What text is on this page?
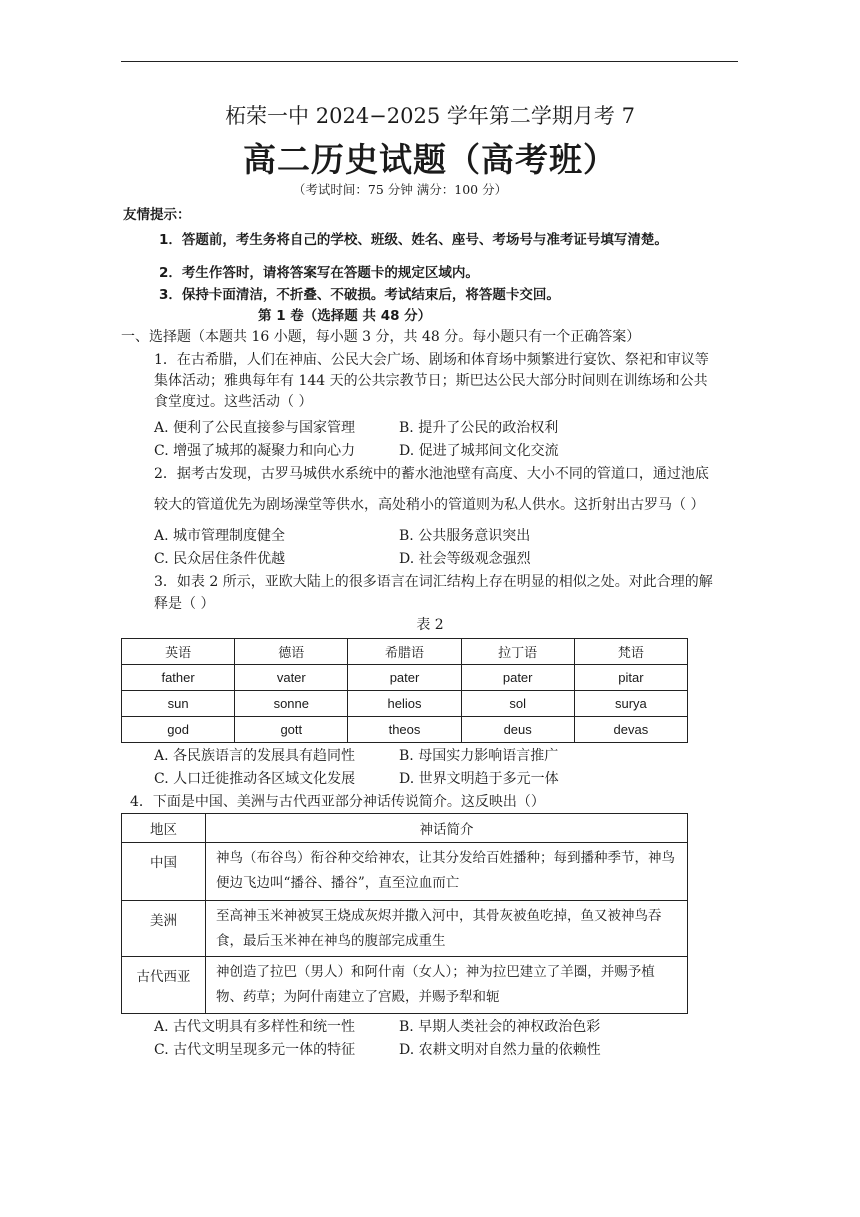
柘荣一中 2024−2025 学年第二学期月考 7
高二历史试题（高考班）
（考试时间：75 分钟 满分：100 分）
友情提示：
1．答题前，考生务将自己的学校、班级、姓名、座号、考场号与准考证号填写清楚。
2．考生作答时，请将答案写在答题卡的规定区域内。
3．保持卡面清洁，不折叠、不破损。考试结束后，将答题卡交回。
第 1 卷（选择题 共 48 分）
一、选择题（本题共 16 小题，每小题 3 分，共 48 分。每小题只有一个正确答案）
1．在古希腊，人们在神庙、公民大会广场、剧场和体育场中频繁进行宴饮、祭祀和审议等
集体活动；雅典每年有 144 天的公共宗教节日；斯巴达公民大部分时间则在训练场和公共
食堂度过。这些活动（ ）
A. 便利了公民直接参与国家管理	B. 提升了公民的政治权利
C. 增强了城邦的凝聚力和向心力	D. 促进了城邦间文化交流
2．据考古发现，古罗马城供水系统中的蓄水池池壁有高度、大小不同的管道口，通过池底
较大的管道优先为剧场澡堂等供水，高处稍小的管道则为私人供水。这折射出古罗马（ ）
A. 城市管理制度健全	B. 公共服务意识突出
C. 民众居住条件优越	D. 社会等级观念强烈
3．如表 2 所示，亚欧大陆上的很多语言在词汇结构上存在明显的相似之处。对此合理的解
释是（ ）
表 2
英语	德语	希腊语	拉丁语	梵语
father	vater	pater	pater	pitar
sun	sonne	helios	sol	surya
god	gott	theos	deus	devas
A. 各民族语言的发展具有趋同性	B. 母国实力影响语言推广
C. 人口迁徙推动各区域文化发展	D. 世界文明趋于多元一体
4．下面是中国、美洲与古代西亚部分神话传说简介。这反映出（）
地区	神话简介

中国	神鸟（布谷鸟）衔谷种交给神农，让其分发给百姓播种；每到播种季节，神鸟便边飞边叫“播谷、播谷”，直至泣血而亡

美洲	至高神玉米神被冥王烧成灰烬并撒入河中，其骨灰被鱼吃掉，鱼又被神鸟吞食，最后玉米神在神鸟的腹部完成重生

古代西亚	神创造了拉巴（男人）和阿什南（女人）；神为拉巴建立了羊圈，并赐予植物、药草；为阿什南建立了宫殿，并赐予犁和轭
A. 古代文明具有多样性和统一性	B. 早期人类社会的神权政治色彩
C. 古代文明呈现多元一体的特征	D. 农耕文明对自然力量的依赖性
